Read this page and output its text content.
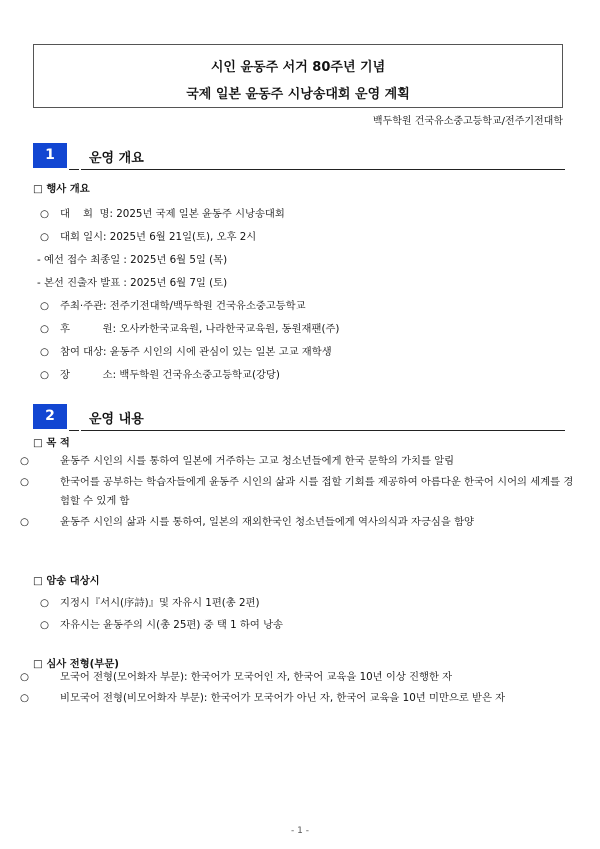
시인 윤동주 서거 80주년 기념
국제 일본 윤동주 시낭송대회 운영 계획
백두학원 건국유소중고등학교/전주기전대학
1	운영 개요
□ 행사 개요
○ 대    회  명: 2025년 국제 일본 윤동주 시낭송대회
○ 대회 일시: 2025년 6월 21일(토), 오후 2시
- 예선 접수 최종일 : 2025년 6월 5일 (목)
- 본선 진출자 발표 : 2025년 6월 7일 (토)
○ 주최·주관: 전주기전대학/백두학원 건국유소중고등학교
○ 후          원: 오사카한국교육원, 나라한국교육원, 동원재팬(주)
○ 참여 대상: 윤동주 시인의 시에 관심이 있는 일본 고교 재학생
○ 장          소: 백두학원 건국유소중고등학교(강당)
2	운영 내용
□ 목 적
○	윤동주 시인의 시를 통하여 일본에 거주하는 고교 청소년들에게 한국 문학의 가치를 알림
○	한국어를 공부하는 학습자들에게 윤동주 시인의 삶과 시를 접할 기회를 제공하여 아름다운 한국어 시어의 세계를 경험할 수 있게 함
○	윤동주 시인의 삶과 시를 통하여, 일본의 재외한국인 청소년들에게 역사의식과 자긍심을 함양
□ 암송 대상시
○ 지정시『서시(序詩)』및 자유시 1편(총 2편)
○ 자유시는 윤동주의 시(총 25편) 중 택 1 하여 낭송
□ 심사 전형(부문)
○	모국어 전형(모어화자 부문): 한국어가 모국어인 자, 한국어 교육을 10년 이상 진행한 자
○	비모국어 전형(비모어화자 부문): 한국어가 모국어가 아닌 자, 한국어 교육을 10년 미만으로 받은 자
- 1 -
